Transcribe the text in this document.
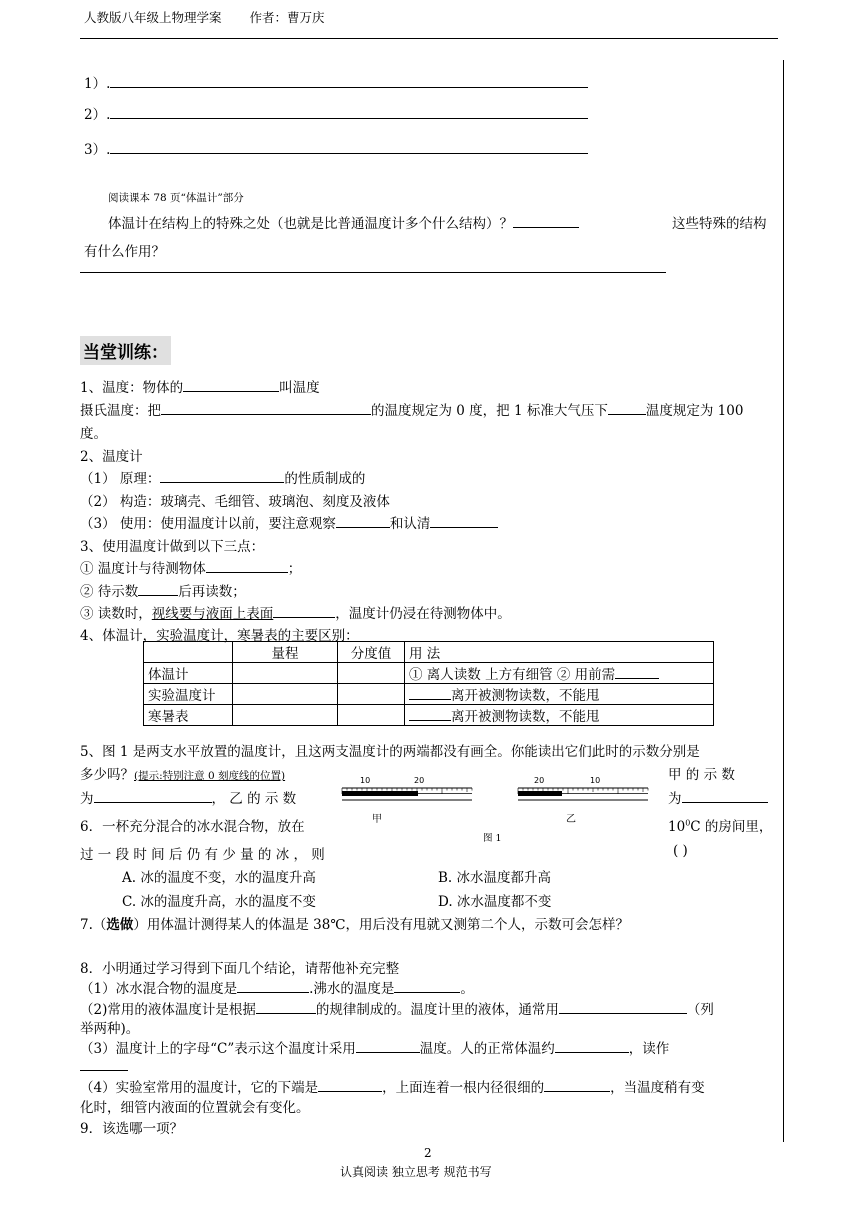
人教版八年级上物理学案 作者：曹万庆
1）.
2）.
3）.
阅读课本 78 页“体温计”部分
体温计在结构上的特殊之处（也就是比普通温度计多个什么结构）？	这些特殊的结构
有什么作用？
当堂训练：
1、温度：物体的	叫温度
摄氏温度：把	的温度规定为 0 度，把 1 标准大气压下	温度规定为 100
度。
2、温度计
（1） 原理：	的性质制成的
（2） 构造：玻璃壳、毛细管、玻璃泡、刻度及液体
（3） 使用：使用温度计以前，要注意观察	和认清
3、使用温度计做到以下三点：
① 温度计与待测物体	；
② 待示数	后再读数；
③ 读数时，视线要与液面上表面	，温度计仍浸在待测物体中。
4、体温计，实验温度计，寒暑表的主要区别：
	量程	分度值	用 法
体温计			① 离人读数 上方有细管 ② 用前需
实验温度计			离开被测物读数，不能甩
寒暑表			离开被测物读数，不能甩
5、图 1 是两支水平放置的温度计，且这两支温度计的两端都没有画全。你能读出它们此时的示数分别是
多少吗？(提示:特别注意 0 刻度线的位置)	甲 的 示 数
为	， 乙 的 示 数	为
10	20
甲
20	10
乙
图 1
6．一杯充分混合的冰水混合物，放在	$10^0C$ 的房间里，
过 一 段 时 间 后 仍 有 少 量 的 冰 ， 则	( )
A. 冰的温度不变，水的温度升高	B. 冰水温度都升高
C. 冰的温度升高，水的温度不变	D. 冰水温度都不变
7.（选做）用体温计测得某人的体温是 38℃，用后没有甩就又测第二个人，示数可会怎样？
8．小明通过学习得到下面几个结论，请帮他补充完整
（1）冰水混合物的温度是	.沸水的温度是	。
（2)常用的液体温度计是根据	的规律制成的。温度计里的液体，通常用	（列
举两种)。
（3）温度计上的字母“C”表示这个温度计采用	温度。人的正常体温约	，读作
（4）实验室常用的温度计，它的下端是	，上面连着一根内径很细的	，当温度稍有变
化时，细管内液面的位置就会有变化。
9．该选哪一项？
2
认真阅读 独立思考 规范书写
